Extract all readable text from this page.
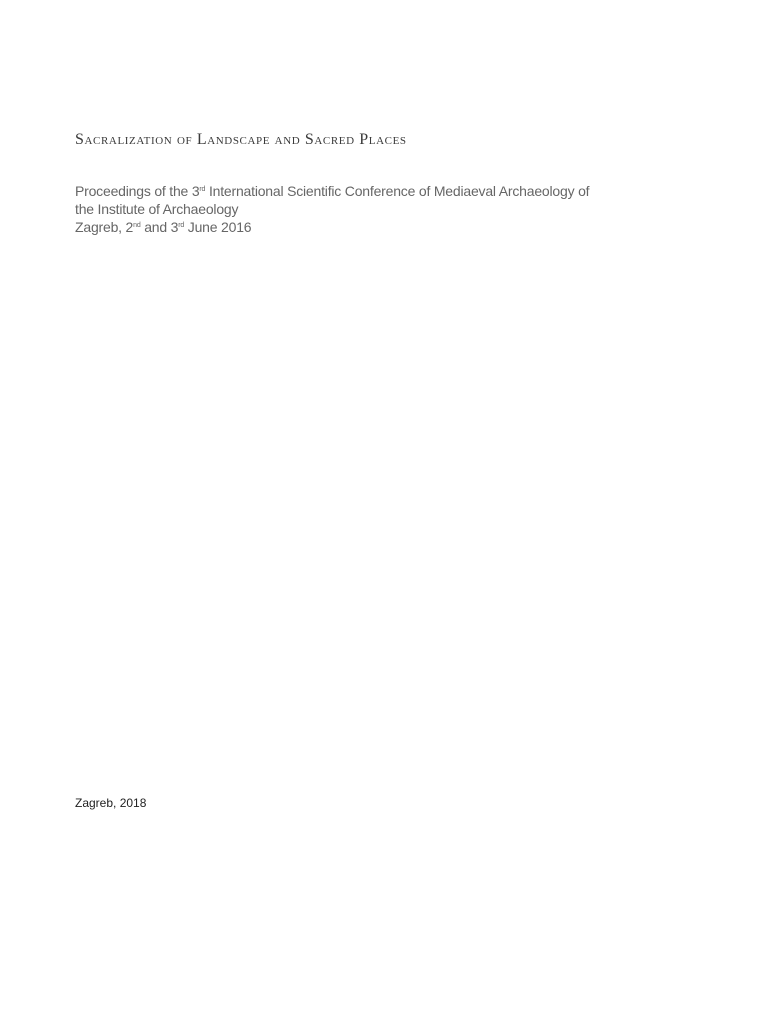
Sacralization of Landscape and Sacred Places
Proceedings of the 3rd International Scientific Conference of Mediaeval Archaeology of
the Institute of Archaeology
Zagreb, 2nd and 3rd June 2016
Zagreb, 2018
